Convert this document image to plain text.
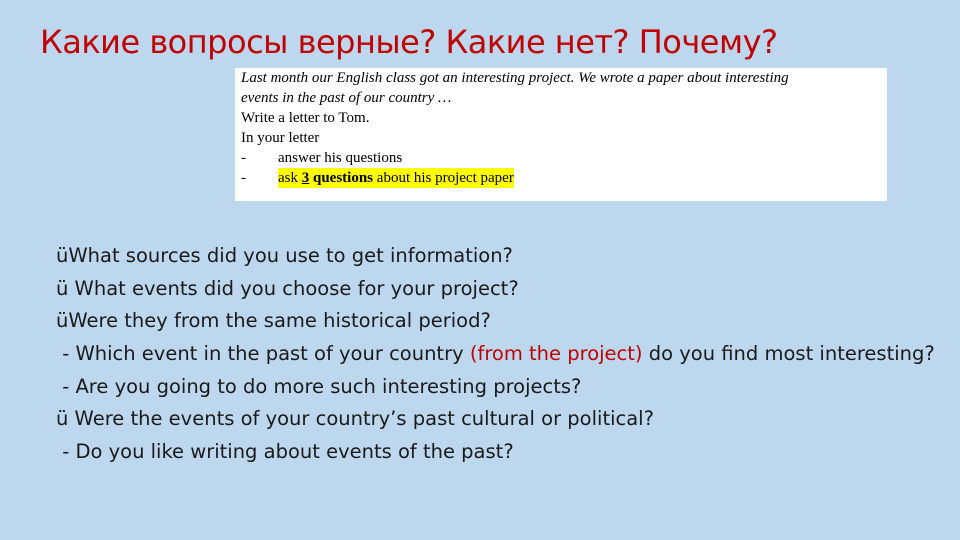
Какие вопросы верные? Какие нет? Почему?
Last month our English class got an interesting project. We wrote a paper about interesting
events in the past of our country …
Write a letter to Tom.
In your letter
-	answer his questions
-	ask 3 questions about his project paper
üWhat sources did you use to get information?
ü What events did you choose for your project?
üWere they from the same historical period?
- Which event in the past of your country (from the project) do you find most interesting?
- Are you going to do more such interesting projects?
ü Were the events of your country’s past cultural or political?
- Do you like writing about events of the past?
